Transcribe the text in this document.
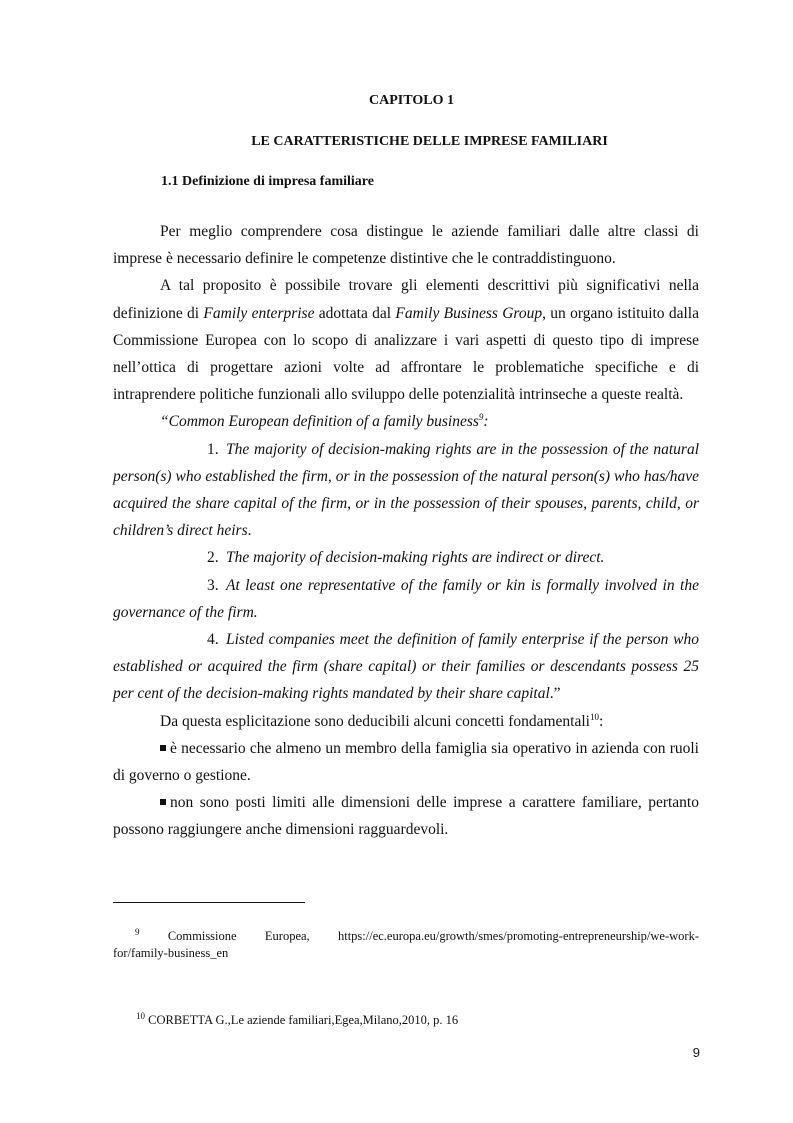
CAPITOLO 1
LE CARATTERISTICHE DELLE IMPRESE FAMILIARI
1.1 Definizione di impresa familiare

Per meglio comprendere cosa distingue le aziende familiari dalle altre classi di imprese è necessario definire le competenze distintive che le contraddistinguono.

A tal proposito è possibile trovare gli elementi descrittivi più significativi nella definizione di Family enterprise adottata dal Family Business Group, un organo istituito dalla Commissione Europea con lo scopo di analizzare i vari aspetti di questo tipo di imprese nell’ottica di progettare azioni volte ad affrontare le problematiche specifiche e di intraprendere politiche funzionali allo sviluppo delle potenzialità intrinseche a queste realtà.

“Common European definition of a family business$^9$:

1. The majority of decision-making rights are in the possession of the natural person(s) who established the firm, or in the possession of the natural person(s) who has/have acquired the share capital of the firm, or in the possession of their spouses, parents, child, or children’s direct heirs.

2. The majority of decision-making rights are indirect or direct.

3. At least one representative of the family or kin is formally involved in the governance of the firm.

4. Listed companies meet the definition of family enterprise if the person who established or acquired the firm (share capital) or their families or descendants possess 25 per cent of the decision-making rights mandated by their share capital.”

Da questa esplicitazione sono deducibili alcuni concetti fondamentali$^{10}$:

è necessario che almeno un membro della famiglia sia operativo in azienda con ruoli di governo o gestione.

non sono posti limiti alle dimensioni delle imprese a carattere familiare, pertanto possono raggiungere anche dimensioni ragguardevoli.

$^9$ Commissione Europea, https://ec.europa.eu/growth/smes/promoting-entrepreneurship/we-work-
for/family-business_en
$^{10}$ CORBETTA G.,Le aziende familiari,Egea,Milano,2010, p. 16
9
